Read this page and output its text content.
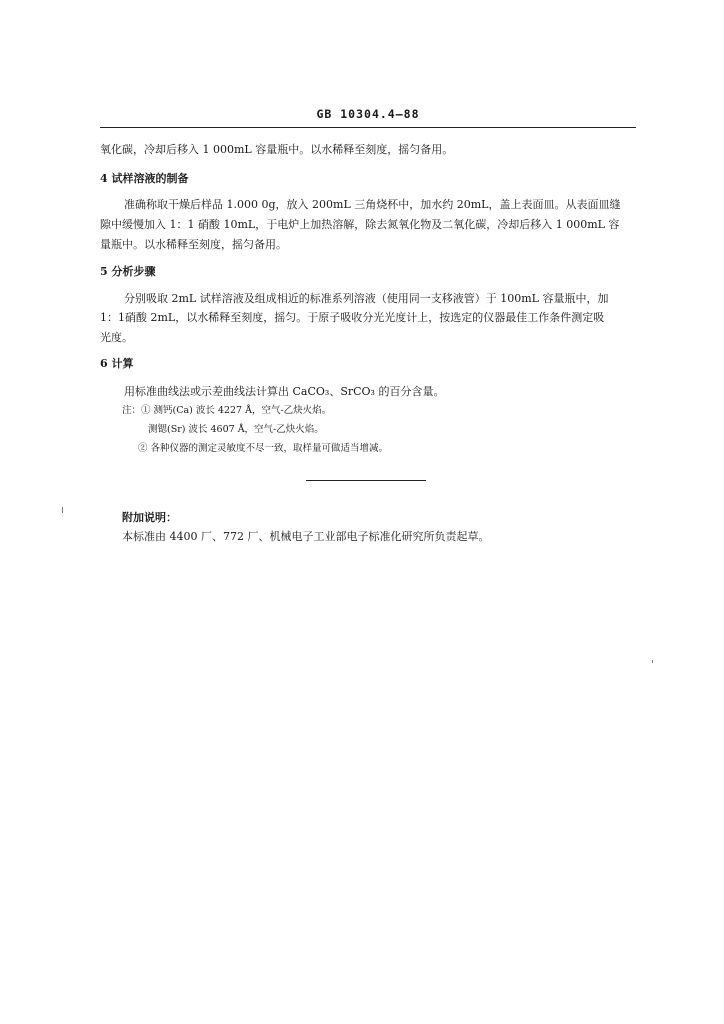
GB 10304.4—88
氧化碳，冷却后移入 1 000mL 容量瓶中。以水稀释至刻度，摇匀备用。
4 试样溶液的制备
准确称取干燥后样品 1.000 0g，放入 200mL 三角烧杯中，加水约 20mL，盖上表面皿。从表面皿缝
隙中缓慢加入 1：1 硝酸 10mL，于电炉上加热溶解，除去氮氧化物及二氧化碳，冷却后移入 1 000mL 容
量瓶中。以水稀释至刻度，摇匀备用。
5 分析步骤
分别吸取 2mL 试样溶液及组成相近的标准系列溶液（使用同一支移液管）于 100mL 容量瓶中，加
1：1硝酸 2mL，以水稀释至刻度，摇匀。于原子吸收分光光度计上，按选定的仪器最佳工作条件测定吸
光度。
6 计算
用标准曲线法或示差曲线法计算出 CaCO₃、SrCO₃ 的百分含量。
注：① 测钙(Ca) 波长 4227 Å，空气-乙炔火焰。
测锶(Sr) 波长 4607 Å，空气-乙炔火焰。
② 各种仪器的测定灵敏度不尽一致，取样量可做适当增减。
附加说明：
本标准由 4400 厂、772 厂、机械电子工业部电子标准化研究所负责起草。
